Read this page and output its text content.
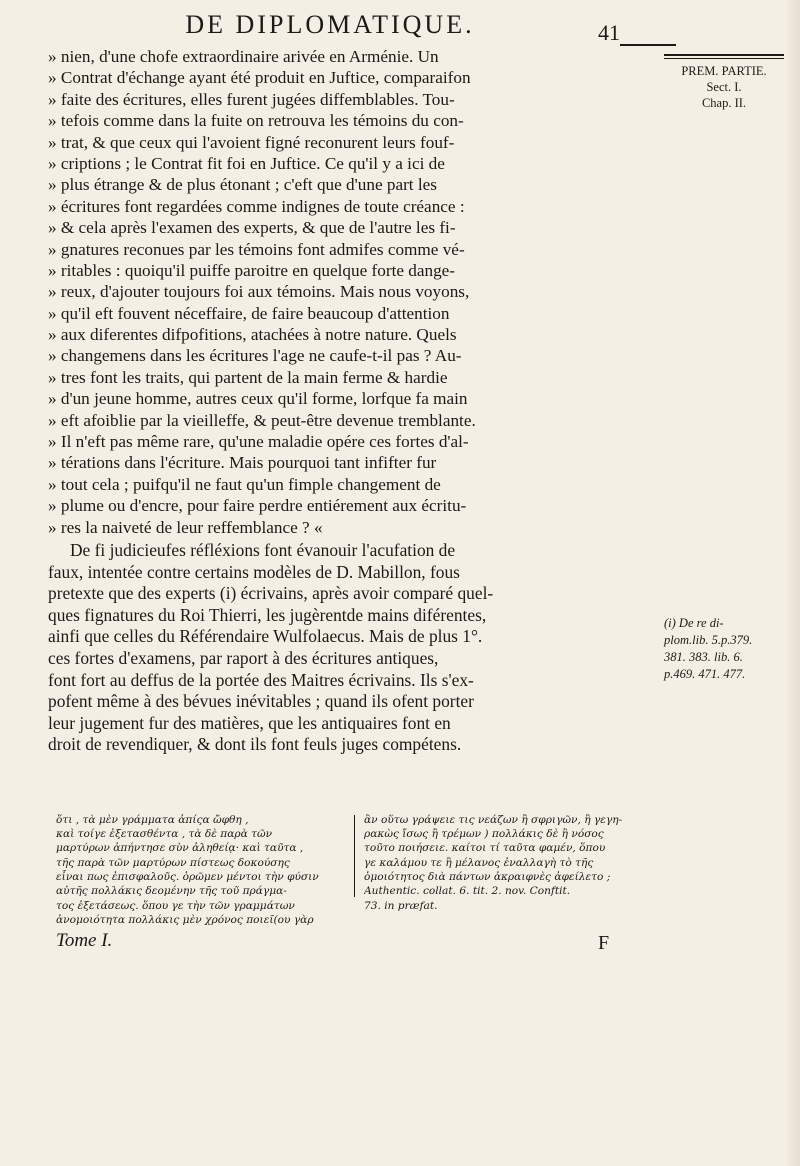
DE DIPLOMATIQUE.	41
PREM. PARTIE.
Sect. I.
Chap. II.
» nien, d'une chofe extraordinaire arivée en Arménie. Un
» Contrat d'échange ayant été produit en Juftice, comparaifon
» faite des écritures, elles furent jugées diffemblables. Tou-
» tefois comme dans la fuite on retrouva les témoins du con-
» trat, & que ceux qui l'avoient figné reconurent leurs fouf-
» criptions ; le Contrat fit foi en Juftice. Ce qu'il y a ici de
» plus étrange & de plus étonant ; c'eft que d'une part les
» écritures font regardées comme indignes de toute créance :
» & cela après l'examen des experts, & que de l'autre les fi-
» gnatures reconues par les témoins font admifes comme vé-
» ritables : quoiqu'il puiffe paroitre en quelque forte dange-
» reux, d'ajouter toujours foi aux témoins. Mais nous voyons,
» qu'il eft fouvent néceffaire, de faire beaucoup d'attention
» aux diferentes difpofitions, atachées à notre nature. Quels
» changemens dans les écritures l'age ne caufe-t-il pas ? Au-
» tres font les traits, qui partent de la main ferme & hardie
» d'un jeune homme, autres ceux qu'il forme, lorfque fa main
» eft afoiblie par la vieilleffe, & peut-être devenue tremblante.
» Il n'eft pas même rare, qu'une maladie opére ces fortes d'al-
» térations dans l'écriture. Mais pourquoi tant infifter fur
» tout cela ; puifqu'il ne faut qu'un fimple changement de
» plume ou d'encre, pour faire perdre entiérement aux écritu-
» res la naiveté de leur reffemblance ? «
De fi judicieufes réfléxions font évanouir l'acufation de
faux, intentée contre certains modèles de D. Mabillon, fous
pretexte que des experts (i) écrivains, après avoir comparé quel-
ques fignatures du Roi Thierri, les jugèrentde mains diférentes,
ainfi que celles du Référendaire Wulfolaecus. Mais de plus 1°.
ces fortes d'examens, par raport à des écritures antiques,
font fort au deffus de la portée des Maitres écrivains. Ils s'ex-
pofent même à des bévues inévitables ; quand ils ofent porter
leur jugement fur des matières, que les antiquaires font en
droit de revendiquer, & dont ils font feuls juges compétens.
(i) De re di-
plom.lib. 5.p.379.
381. 383. lib. 6.
p.469. 471. 477.
ὅτι , τὰ μὲν γράμματα ἀπίςα ὤφθη ,
καὶ τοίγε ἐξετασθέντα , τὰ δὲ παρὰ τῶν
μαρτύρων ἀπήντησε σὺν ἀληθείᾳ· καὶ ταῦτα ,
τῆς παρὰ τῶν μαρτύρων πίστεως δοκούσης
εἶναι πως ἐπισφαλοῦς. ὁρῶμεν μέντοι τὴν φύσιν
αὐτῆς πολλάκις δεομένην τῆς τοῦ πράγμα-
ἂν οὕτω γράψειε τις νεάζων ἢ σφριγῶν, ἢ γεγη-
ρακὼς ἴσως ἢ τρέμων ) πολλάκις δὲ ἢ νόσος
τοῦτο ποιήσειε. καίτοι τί ταῦτα φαμέν, ὅπου
γε καλάμου τε ἢ μέλανος ἐναλλαγὴ τὸ τῆς
ὁμοιότητος διὰ πάντων ἀκραιφνὲς ἀφείλετο ;
Authentic. collat. 6. tit. 2. nov. Conftit.
τος ἐξετάσεως. ὅπου γε τὴν τῶν γραμμάτων
ἀνομοιότητα πολλάκις μὲν χρόνος ποιεῖ(ου γὰρ
73. in præfat.
Tome I.	F
